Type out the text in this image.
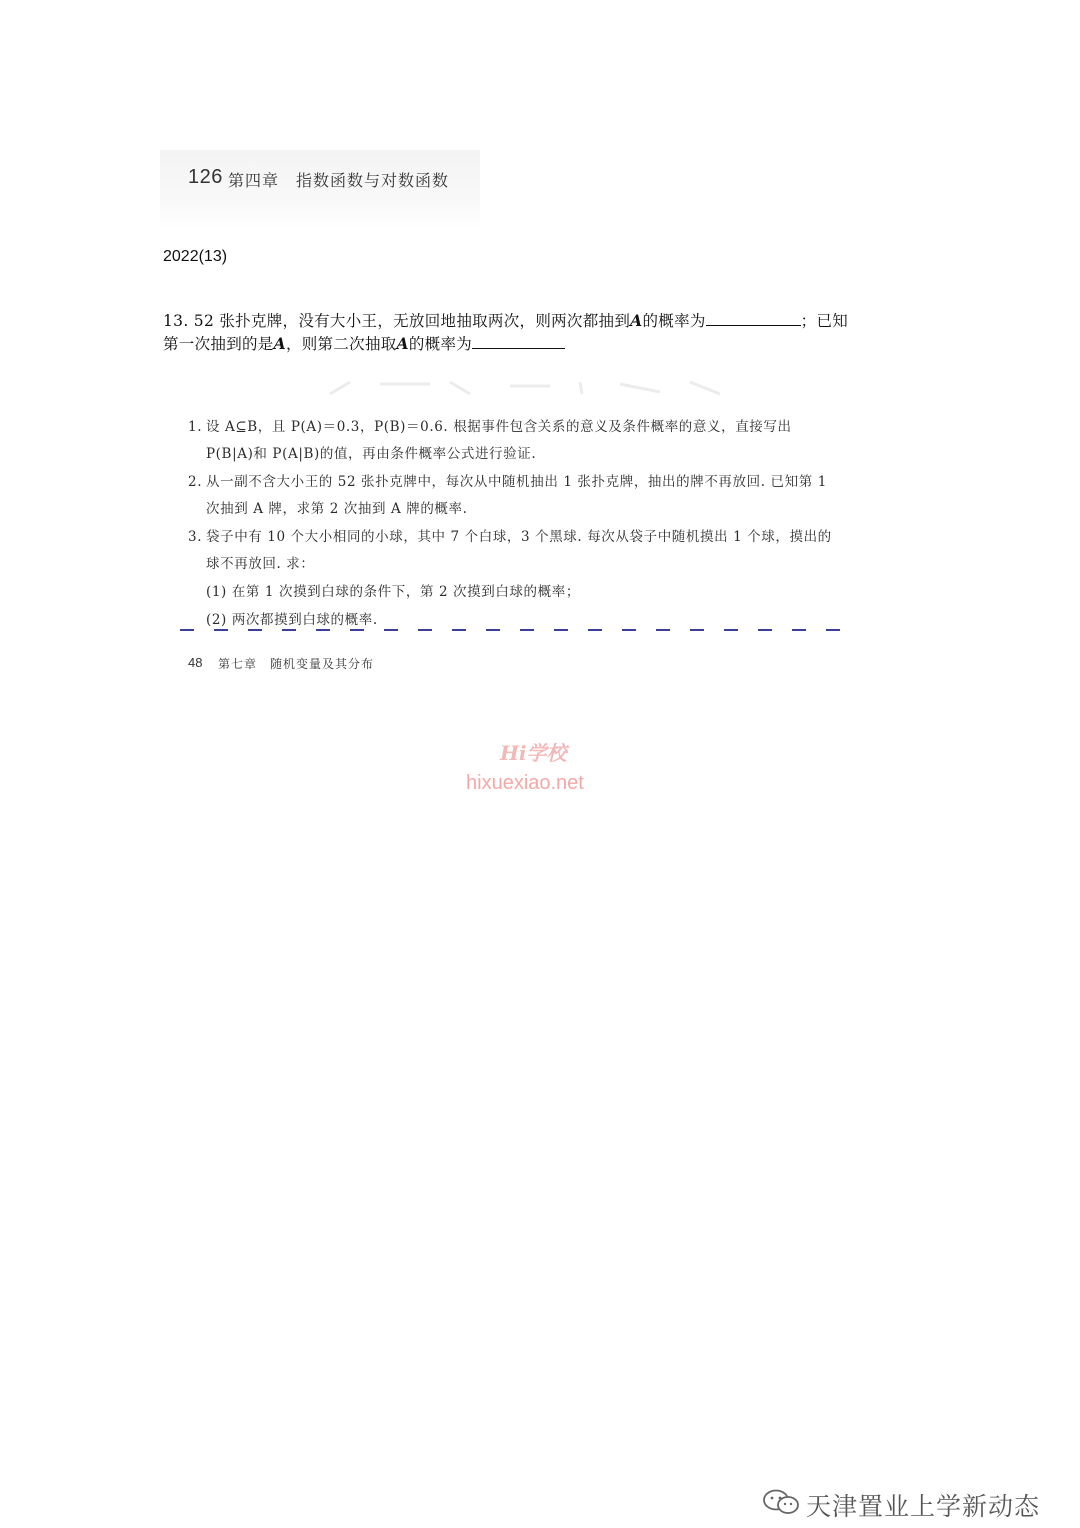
126 第四章　指数函数与对数函数
2022(13)
13. 52 张扑克牌，没有大小王，无放回地抽取两次，则两次都抽到A的概率为	；已知
第一次抽到的是A，则第二次抽取A的概率为
1. 设 A⊆B，且 P(A)＝0.3，P(B)＝0.6. 根据事件包含关系的意义及条件概率的意义，直接写出
P(B|A)和 P(A|B)的值，再由条件概率公式进行验证.
2. 从一副不含大小王的 52 张扑克牌中，每次从中随机抽出 1 张扑克牌，抽出的牌不再放回. 已知第 1
次抽到 A 牌，求第 2 次抽到 A 牌的概率.
3. 袋子中有 10 个大小相同的小球，其中 7 个白球，3 个黑球. 每次从袋子中随机摸出 1 个球，摸出的
球不再放回. 求：
(1) 在第 1 次摸到白球的条件下，第 2 次摸到白球的概率；
(2) 两次都摸到白球的概率.
48 第七章　随机变量及其分布
Hi学校
hixuexiao.net
天津置业上学新动态
